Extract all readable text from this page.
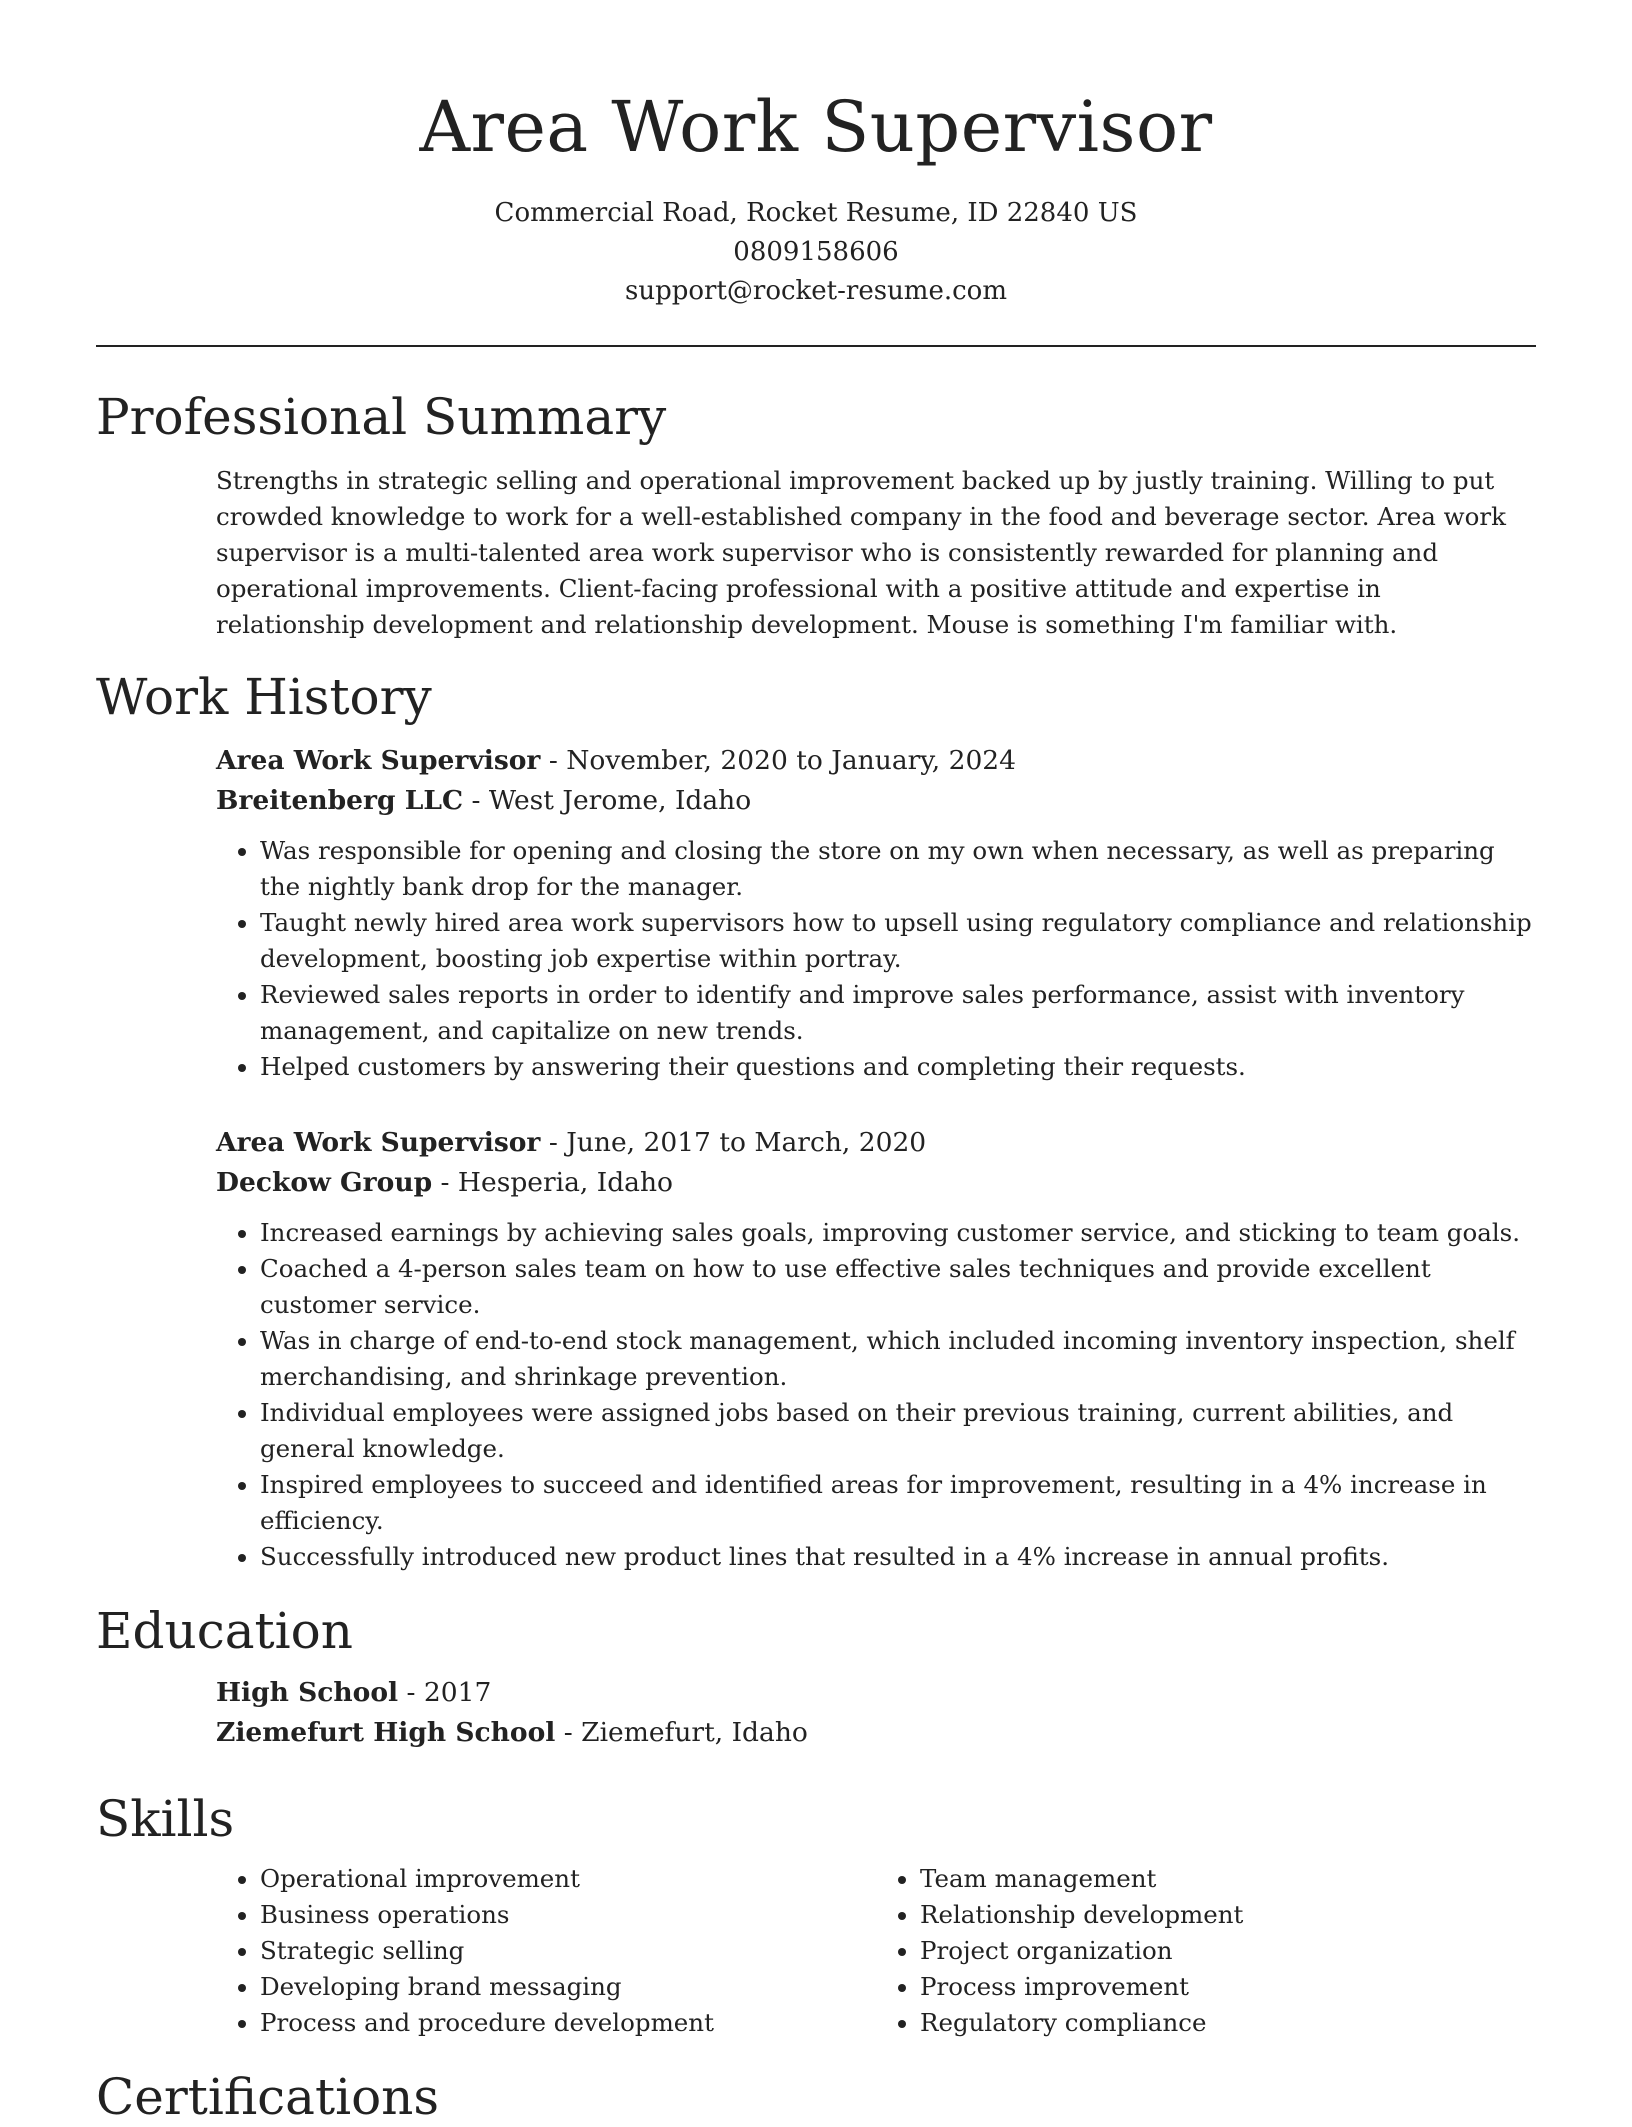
Area Work Supervisor
Commercial Road, Rocket Resume, ID 22840 US
0809158606
support@rocket-resume.com
Professional Summary
Strengths in strategic selling and operational improvement backed up by justly training. Willing to put crowded knowledge to work for a well-established company in the food and beverage sector. Area work supervisor is a multi-talented area work supervisor who is consistently rewarded for planning and operational improvements. Client-facing professional with a positive attitude and expertise in relationship development and relationship development. Mouse is something I'm familiar with.
Work History
Area Work Supervisor - November, 2020 to January, 2024
Breitenberg LLC - West Jerome, Idaho
• Was responsible for opening and closing the store on my own when necessary, as well as preparing the nightly bank drop for the manager.
• Taught newly hired area work supervisors how to upsell using regulatory compliance and relationship development, boosting job expertise within portray.
• Reviewed sales reports in order to identify and improve sales performance, assist with inventory management, and capitalize on new trends.
• Helped customers by answering their questions and completing their requests.
Area Work Supervisor - June, 2017 to March, 2020
Deckow Group - Hesperia, Idaho
• Increased earnings by achieving sales goals, improving customer service, and sticking to team goals.
• Coached a 4-person sales team on how to use effective sales techniques and provide excellent customer service.
• Was in charge of end-to-end stock management, which included incoming inventory inspection, shelf merchandising, and shrinkage prevention.
• Individual employees were assigned jobs based on their previous training, current abilities, and general knowledge.
• Inspired employees to succeed and identified areas for improvement, resulting in a 4% increase in efficiency.
• Successfully introduced new product lines that resulted in a 4% increase in annual profits.
Education
High School - 2017
Ziemefurt High School - Ziemefurt, Idaho
Skills
• Operational improvement
• Business operations
• Strategic selling
• Developing brand messaging
• Process and procedure development
• Team management
• Relationship development
• Project organization
• Process improvement
• Regulatory compliance
Certifications
